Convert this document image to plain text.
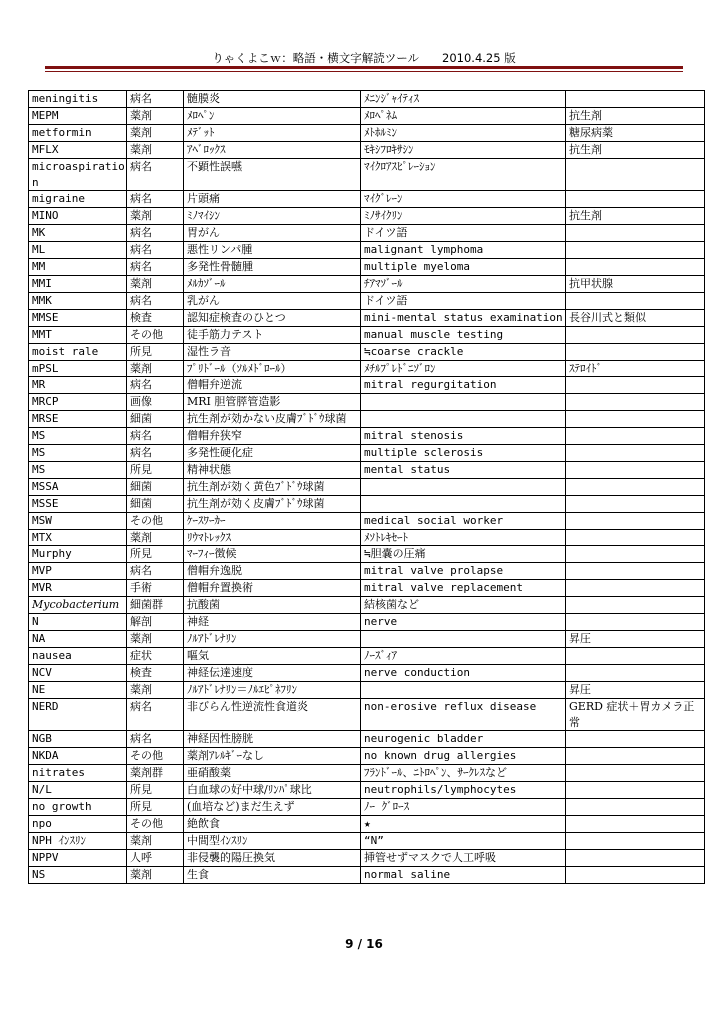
りゃくよこｗ：略語・横文字解読ツール　　2010.4.25 版
meningitis	病名	髄膜炎	ﾒﾆﾝｼﾞｬｲﾃｨｽ	
MEPM	薬剤	ﾒﾛﾍﾟﾝ	ﾒﾛﾍﾟﾈﾑ	抗生剤
metformin	薬剤	ﾒﾃﾞｯﾄ	ﾒﾄﾎﾙﾐﾝ	糖尿病薬
MFLX	薬剤	ｱﾍﾞﾛｯｸｽ	ﾓｷｼﾌﾛｷｻｼﾝ	抗生剤
microaspiration	病名	不顕性誤嚥	ﾏｲｸﾛｱｽﾋﾟﾚｰｼｮﾝ	
migraine	病名	片頭痛	ﾏｲｸﾞﾚｰﾝ	
MINO	薬剤	ﾐﾉﾏｲｼﾝ	ﾐﾉｻｲｸﾘﾝ	抗生剤
MK	病名	胃がん	ドイツ語	
ML	病名	悪性リンパ腫	malignant lymphoma	
MM	病名	多発性骨髄腫	multiple myeloma	
MMI	薬剤	ﾒﾙｶｿﾞｰﾙ	ﾁｱﾏｿﾞｰﾙ	抗甲状腺
MMK	病名	乳がん	ドイツ語	
MMSE	検査	認知症検査のひとつ	mini-mental status examination	長谷川式と類似
MMT	その他	徒手筋力テスト	manual muscle testing	
moist rale	所見	湿性ラ音	≒coarse crackle	
mPSL	薬剤	ﾌﾟﾘﾄﾞｰﾙ（ｿﾙﾒﾄﾞﾛｰﾙ）	ﾒﾁﾙﾌﾟﾚﾄﾞﾆｿﾞﾛﾝ	ｽﾃﾛｲﾄﾞ
MR	病名	僧帽弁逆流	mitral regurgitation	
MRCP	画像	MRI 胆管膵管造影		
MRSE	細菌	抗生剤が効かない皮膚ﾌﾞﾄﾞｳ球菌		
MS	病名	僧帽弁狭窄	mitral stenosis	
MS	病名	多発性硬化症	multiple sclerosis	
MS	所見	精神状態	mental status	
MSSA	細菌	抗生剤が効く黄色ﾌﾞﾄﾞｳ球菌		
MSSE	細菌	抗生剤が効く皮膚ﾌﾞﾄﾞｳ球菌		
MSW	その他	ｹｰｽﾜｰｶｰ	medical social worker	
MTX	薬剤	ﾘｳﾏﾄﾚｯｸｽ	ﾒｿﾄﾚｷｾｰﾄ	
Murphy	所見	ﾏｰﾌｨｰ徴候	≒胆嚢の圧痛	
MVP	病名	僧帽弁逸脱	mitral valve prolapse	
MVR	手術	僧帽弁置換術	mitral valve replacement	
Mycobacterium	細菌群	抗酸菌	結核菌など	
N	解剖	神経	nerve	
NA	薬剤	ﾉﾙｱﾄﾞﾚﾅﾘﾝ		昇圧
nausea	症状	嘔気	ﾉｰｽﾞｨｱ	
NCV	検査	神経伝達速度	nerve conduction	
NE	薬剤	ﾉﾙｱﾄﾞﾚﾅﾘﾝ＝ﾉﾙｴﾋﾟﾈﾌﾘﾝ		昇圧
NERD	病名	非びらん性逆流性食道炎	non-erosive reflux disease	GERD 症状＋胃カメラ正常
NGB	病名	神経因性膀胱	neurogenic bladder	
NKDA	その他	薬剤ｱﾚﾙｷﾞｰなし	no known drug allergies	
nitrates	薬剤群	亜硝酸薬	ﾌﾗﾝﾄﾞｰﾙ、ﾆﾄﾛﾍﾟﾝ、ｻｰｸﾚｽなど	
N/L	所見	白血球の好中球/ﾘﾝﾊﾟ球比	neutrophils/lymphocytes	
no growth	所見	(血培など)まだ生えず	ﾉｰ ｸﾞﾛｰｽ	
npo	その他	絶飲食	★	
NPH ｲﾝｽﾘﾝ	薬剤	中間型ｲﾝｽﾘﾝ	“N”	
NPPV	人呼	非侵襲的陽圧換気	挿管せずマスクで人工呼吸	
NS	薬剤	生食	normal saline	
9 / 16
